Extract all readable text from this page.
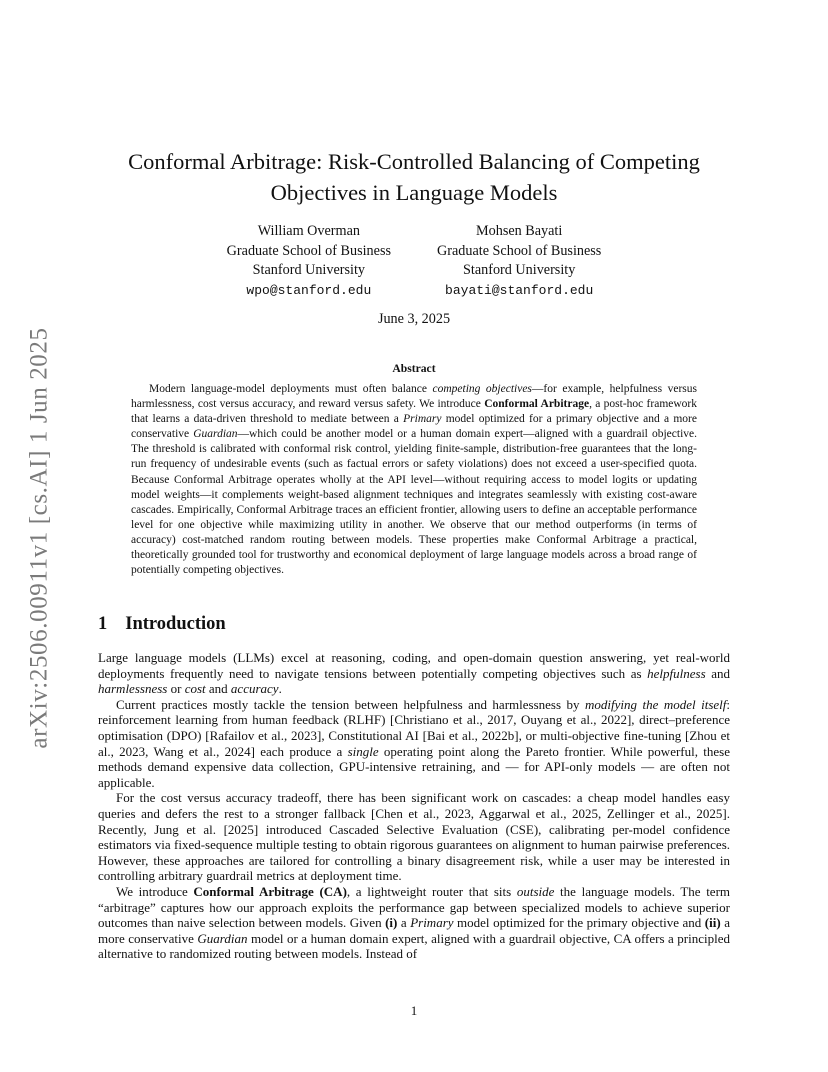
arXiv:2506.00911v1 [cs.AI] 1 Jun 2025
Conformal Arbitrage: Risk-Controlled Balancing of Competing
Objectives in Language Models
William Overman
Graduate School of Business
Stanford University
wpo@stanford.edu
Mohsen Bayati
Graduate School of Business
Stanford University
bayati@stanford.edu
June 3, 2025
Abstract

Modern language-model deployments must often balance competing objectives—for example, helpfulness versus harmlessness, cost versus accuracy, and reward versus safety. We introduce Conformal Arbitrage, a post-hoc framework that learns a data-driven threshold to mediate between a Primary model optimized for a primary objective and a more conservative Guardian—which could be another model or a human domain expert—aligned with a guardrail objective. The threshold is calibrated with conformal risk control, yielding finite-sample, distribution-free guarantees that the long-run frequency of undesirable events (such as factual errors or safety violations) does not exceed a user-specified quota. Because Conformal Arbitrage operates wholly at the API level—without requiring access to model logits or updating model weights—it complements weight-based alignment techniques and integrates seamlessly with existing cost-aware cascades. Empirically, Conformal Arbitrage traces an efficient frontier, allowing users to define an acceptable performance level for one objective while maximizing utility in another. We observe that our method outperforms (in terms of accuracy) cost-matched random routing between models. These properties make Conformal Arbitrage a practical, theoretically grounded tool for trustworthy and economical deployment of large language models across a broad range of potentially competing objectives.

1 Introduction

Large language models (LLMs) excel at reasoning, coding, and open-domain question answering, yet real-world deployments frequently need to navigate tensions between potentially competing objectives such as helpfulness and harmlessness or cost and accuracy.

Current practices mostly tackle the tension between helpfulness and harmlessness by modifying the model itself: reinforcement learning from human feedback (RLHF) [Christiano et al., 2017, Ouyang et al., 2022], direct–preference optimisation (DPO) [Rafailov et al., 2023], Constitutional AI [Bai et al., 2022b], or multi-objective fine-tuning [Zhou et al., 2023, Wang et al., 2024] each produce a single operating point along the Pareto frontier. While powerful, these methods demand expensive data collection, GPU-intensive retraining, and — for API-only models — are often not applicable.

For the cost versus accuracy tradeoff, there has been significant work on cascades: a cheap model handles easy queries and defers the rest to a stronger fallback [Chen et al., 2023, Aggarwal et al., 2025, Zellinger et al., 2025]. Recently, Jung et al. [2025] introduced Cascaded Selective Evaluation (CSE), calibrating per-model confidence estimators via fixed-sequence multiple testing to obtain rigorous guarantees on alignment to human pairwise preferences. However, these approaches are tailored for controlling a binary disagreement risk, while a user may be interested in controlling arbitrary guardrail metrics at deployment time.

We introduce Conformal Arbitrage (CA), a lightweight router that sits outside the language models. The term “arbitrage” captures how our approach exploits the performance gap between specialized models to achieve superior outcomes than naive selection between models. Given (i) a Primary model optimized for the primary objective and (ii) a more conservative Guardian model or a human domain expert, aligned with a guardrail objective, CA offers a principled alternative to randomized routing between models. Instead of

1
